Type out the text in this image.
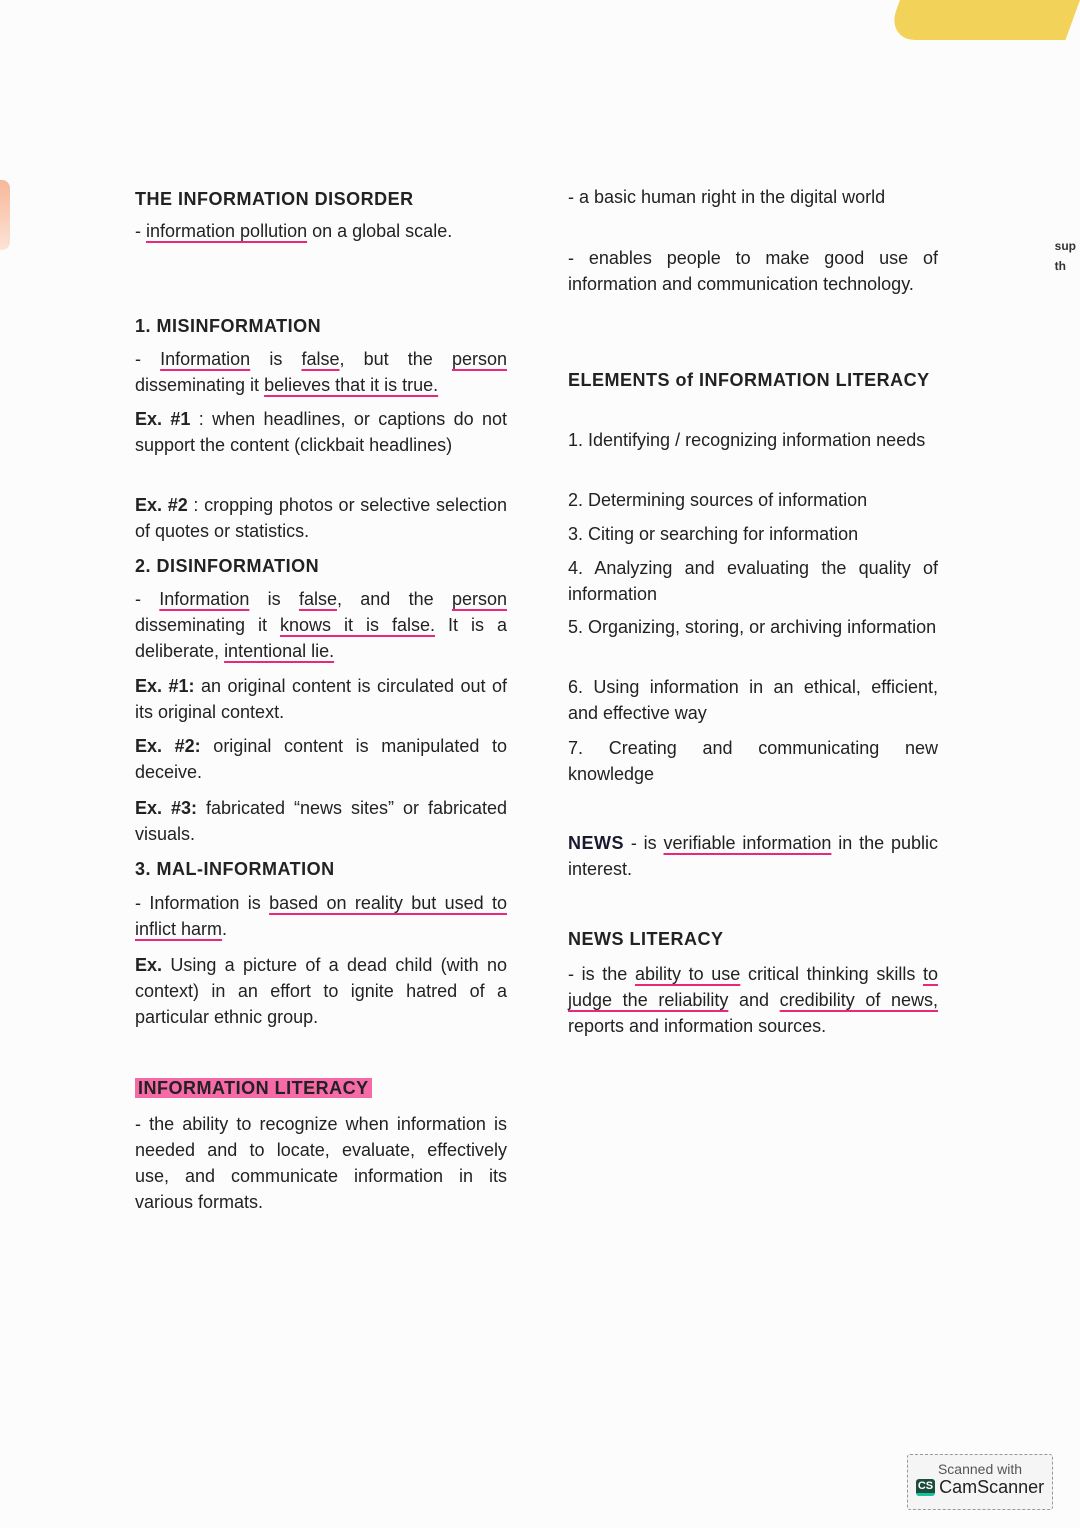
sup
th
THE INFORMATION DISORDER
- information pollution on a global scale.
1. MISINFORMATION
- Information is false, but the person disseminating it believes that it is true.
Ex. #1 : when headlines, or captions do not support the content (clickbait headlines)
Ex. #2 : cropping photos or selective selection of quotes or statistics.
2. DISINFORMATION
- Information is false, and the person disseminating it knows it is false. It is a deliberate, intentional lie.
Ex. #1: an original content is circulated out of its original context.
Ex. #2: original content is manipulated to deceive.
Ex. #3: fabricated “news sites” or fabricated visuals.
3. MAL-INFORMATION
- Information is based on reality but used to inflict harm.
Ex. Using a picture of a dead child (with no context) in an effort to ignite hatred of a particular ethnic group.
INFORMATION LITERACY
- the ability to recognize when information is needed and to locate, evaluate, effectively use, and communicate information in its various formats.
- a basic human right in the digital world
- enables people to make good use of information and communication technology.
ELEMENTS of INFORMATION LITERACY
1. Identifying / recognizing information needs
2. Determining sources of information
3. Citing or searching for information
4. Analyzing and evaluating the quality of information
5. Organizing, storing, or archiving information
6. Using information in an ethical, efficient, and effective way
7. Creating and communicating new knowledge
NEWS - is verifiable information in the public interest.
NEWS LITERACY
- is the ability to use critical thinking skills to judge the reliability and credibility of news, reports and information sources.
Scanned with
CS CamScanner
